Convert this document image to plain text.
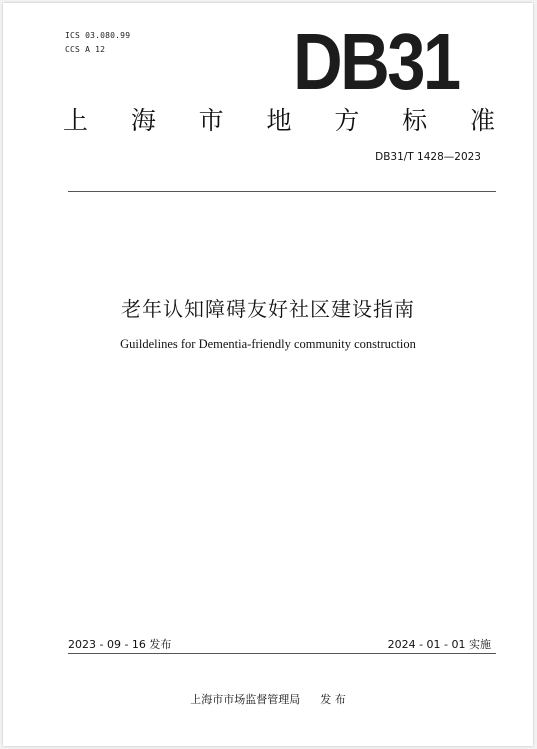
ICS 03.080.99
CCS A 12 DB31
上 海 市 地 方 标 准
DB31/T 1428—2023
老年认知障碍友好社区建设指南
Guildelines for Dementia-friendly community construction
2023 - 09 - 16 发布	2024 - 01 - 01 实施
上海市市场监督管理局 发 布
